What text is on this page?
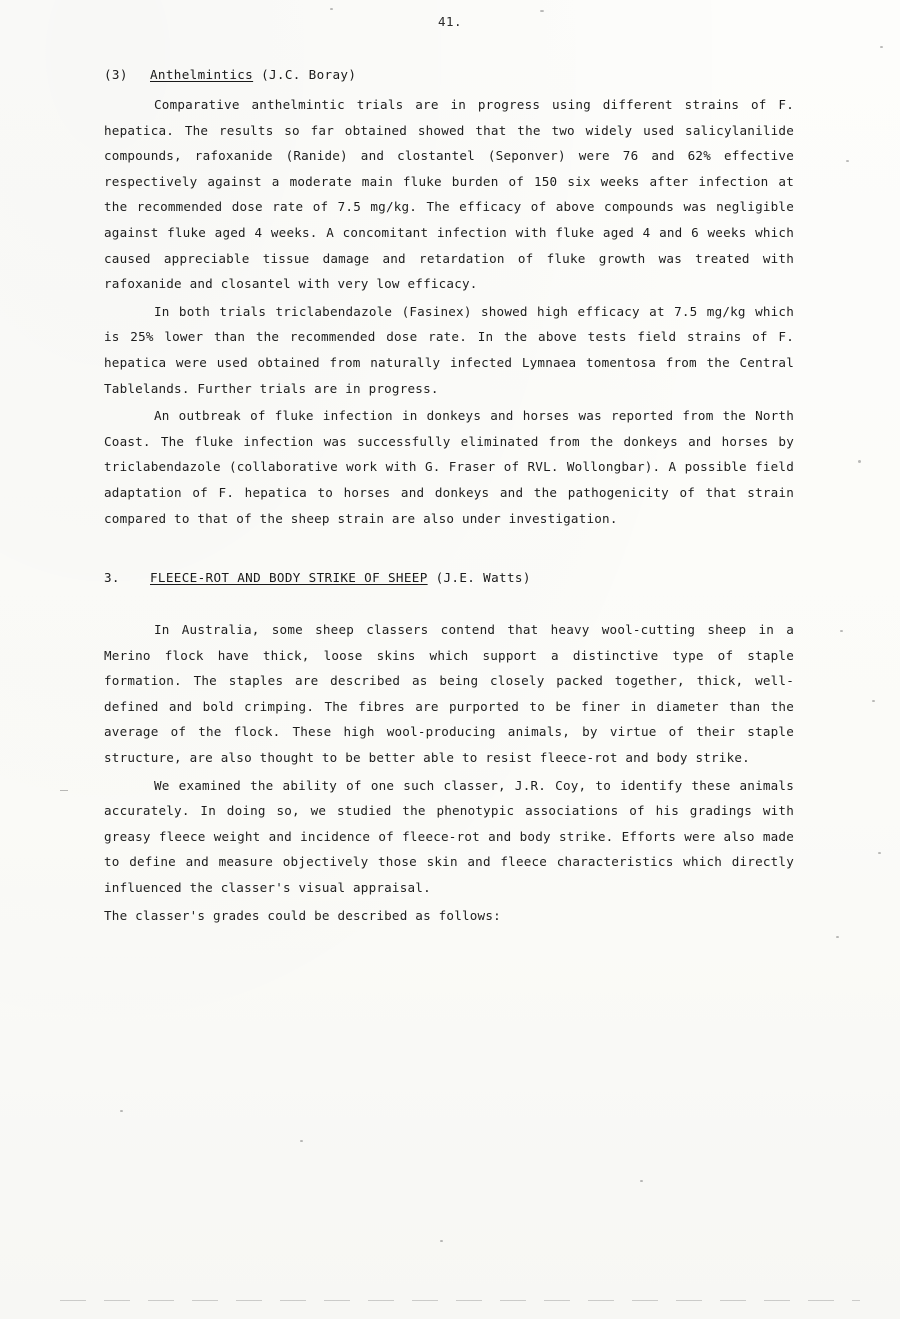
41.
(3) Anthelmintics (J.C. Boray)

Comparative anthelmintic trials are in progress using different strains of F. hepatica. The results so far obtained showed that the two widely used salicylanilide compounds, rafoxanide (Ranide) and clostantel (Seponver) were 76 and 62% effective respectively against a moderate main fluke burden of 150 six weeks after infection at the recommended dose rate of 7.5 mg/kg. The efficacy of above compounds was negligible against fluke aged 4 weeks. A concomitant infection with fluke aged 4 and 6 weeks which caused appreciable tissue damage and retardation of fluke growth was treated with rafoxanide and closantel with very low efficacy.

In both trials triclabendazole (Fasinex) showed high efficacy at 7.5 mg/kg which is 25% lower than the recommended dose rate. In the above tests field strains of F. hepatica were used obtained from naturally infected Lymnaea tomentosa from the Central Tablelands. Further trials are in progress.

An outbreak of fluke infection in donkeys and horses was reported from the North Coast. The fluke infection was successfully eliminated from the donkeys and horses by triclabendazole (collaborative work with G. Fraser of RVL. Wollongbar). A possible field adaptation of F. hepatica to horses and donkeys and the pathogenicity of that strain compared to that of the sheep strain are also under investigation.

3. FLEECE-ROT AND BODY STRIKE OF SHEEP (J.E. Watts)

In Australia, some sheep classers contend that heavy wool-cutting sheep in a Merino flock have thick, loose skins which support a distinctive type of staple formation. The staples are described as being closely packed together, thick, well-defined and bold crimping. The fibres are purported to be finer in diameter than the average of the flock. These high wool-producing animals, by virtue of their staple structure, are also thought to be better able to resist fleece-rot and body strike.

We examined the ability of one such classer, J.R. Coy, to identify these animals accurately. In doing so, we studied the phenotypic associations of his gradings with greasy fleece weight and incidence of fleece-rot and body strike. Efforts were also made to define and measure objectively those skin and fleece characteristics which directly influenced the classer's visual appraisal.

The classer's grades could be described as follows:
